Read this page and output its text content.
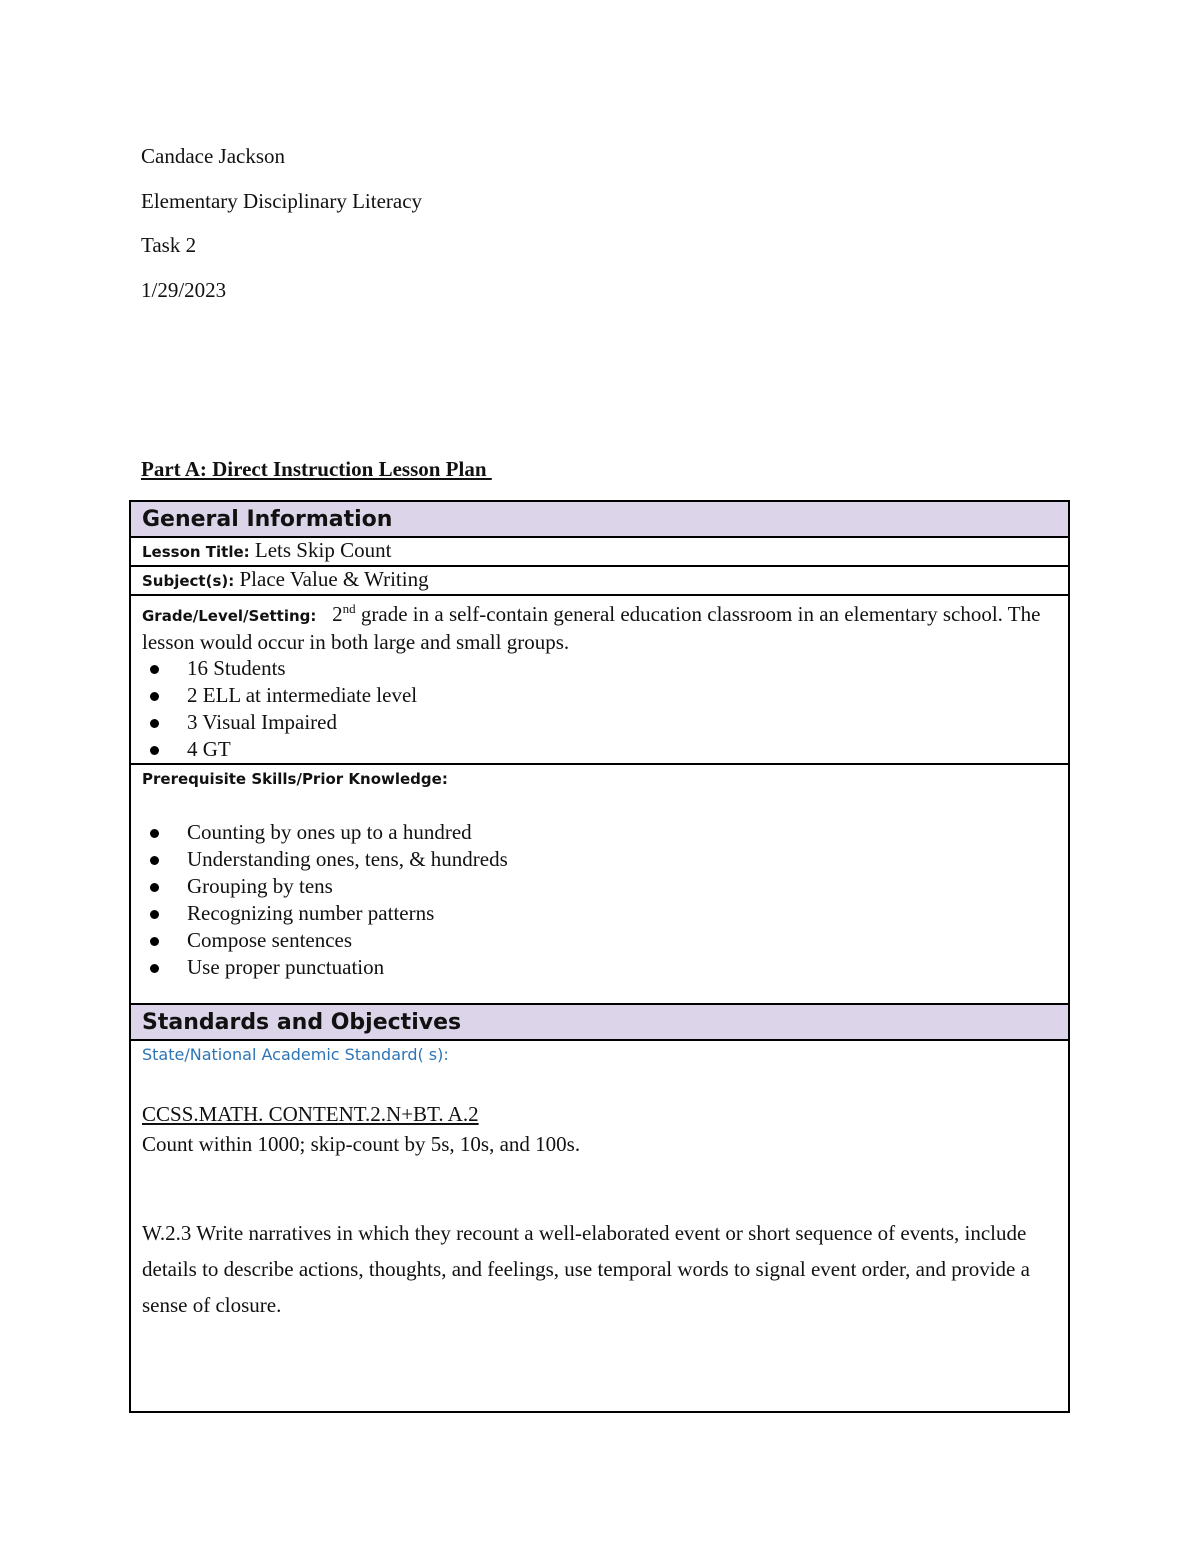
Candace Jackson

Elementary Disciplinary Literacy

Task 2

1/29/2023

Part A: Direct Instruction Lesson Plan

General Information
Lesson Title: Lets Skip Count
Subject(s): Place Value & Writing
Grade/Level/Setting: 2nd grade in a self-contain general education classroom in an elementary school. The lesson would occur in both large and small groups.
16 Students
2 ELL at intermediate level
3 Visual Impaired
4 GT

Prerequisite Skills/Prior Knowledge:
Counting by ones up to a hundred
Understanding ones, tens, & hundreds
Grouping by tens
Recognizing number patterns
Compose sentences
Use proper punctuation

Standards and Objectives

State/National Academic Standard( s):
CCSS.MATH. CONTENT.2.N+BT. A.2
Count within 1000; skip-count by 5s, 10s, and 100s.
W.2.3 Write narratives in which they recount a well-elaborated event or short sequence of events, include details to describe actions, thoughts, and feelings, use temporal words to signal event order, and provide a sense of closure.
